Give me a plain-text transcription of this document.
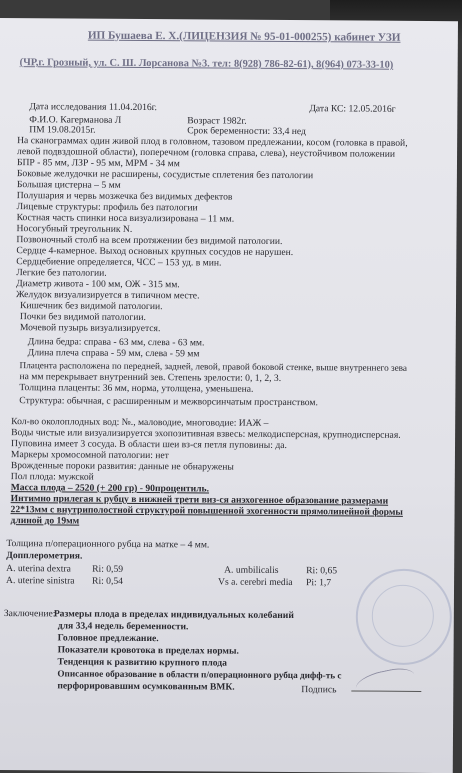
ИП Бушаева Е. Х.(ЛИЦЕНЗИЯ № 95-01-000255) кабинет УЗИ
(ЧР,г. Грозный, ул. С. Ш. Лорсанова №3. тел: 8(928) 786-82-61), 8(964) 073-33-10)
Дата исследования 11.04.2016г.	Дата КС: 12.05.2016г
Ф.И.О. Кагерманова Л	Возраст 1982г.
ПМ 19.08.2015г.	Срок беременности: 33,4 нед
На сканограммах один живой плод в головном, тазовом предлежании, косом (головка в правой,
левой подвздошной области), поперечном (головка справа, слева), неустойчивом положении
БПР - 85 мм, ЛЗР - 95 мм, МРМ - 34 мм
Боковые желудочки не расширены, сосудистые сплетения без патологии
Большая цистерна – 5 мм
Полушария и червь мозжечка без видимых дефектов
Лицевые структуры: профиль без патологии
Костная часть спинки носа визуализирована – 11 мм.
Носогубный треугольник N.
Позвоночный столб на всем протяжении без видимой патологии.
Сердце 4-камерное. Выход основных крупных сосудов не нарушен.
Сердцебиение определяется, ЧСС – 153 уд. в мин.
Легкие без патологии.
Диаметр живота - 100 мм, ОЖ - 315 мм.
Желудок визуализируется в типичном месте.
Кишечник без видимой патологии.
Почки без видимой патологии.
Мочевой пузырь визуализируется.
Длина бедра: справа - 63 мм, слева - 63 мм.
Длина плеча справа - 59 мм, слева - 59 мм
Плацента расположена по передней, задней, левой, правой боковой стенке, выше внутреннего зева
на мм перекрывает внутренний зев. Степень зрелости: 0, 1, 2, 3.
Толщина плаценты: 36 мм, норма, утолщена, уменьшена.
Структура: обычная, с расширенным и межворсинчатым пространством.
Кол-во околоплодных вод: №., маловодие, многоводие: ИАЖ –
Воды чистые или визуализируется эхопозитивная взвесь: мелкодисперсная, крупнодисперсная.
Пуповина имеет 3 сосуда. В области шеи вз-ся петля пуповины: да.
Маркеры хромосомной патологии: нет
Врожденные пороки развития: данные не обнаружены
Пол плода: мужской
Масса плода – 2520 (+ 200 гр) - 90процентиль.
Интимно прилегая к рубцу в нижней трети виз-ся анэхогенное образование размерами
22*13мм с внутриполостной структурой повышенной эхогенности прямолинейной формы
длиной до 19мм
Толщина п/операционного рубца на матке – 4 мм.
Допплерометрия.
A. uterina dextra Ri: 0,59	A. umbilicalis	Ri: 0,65
A. uterine sinistra Ri: 0,54	Vs a. cerebri media Pi: 1,7
Заключение:
Размеры плода в пределах индивидуальных колебаний
для 33,4 недель беременности.
Головное предлежание.
Показатели кровотока в пределах нормы.
Тенденция к развитию крупного плода
Описанное образование в области п/операционного рубца дифф-ть с
перфорировавшим осумкованным ВМК.	Подпись
